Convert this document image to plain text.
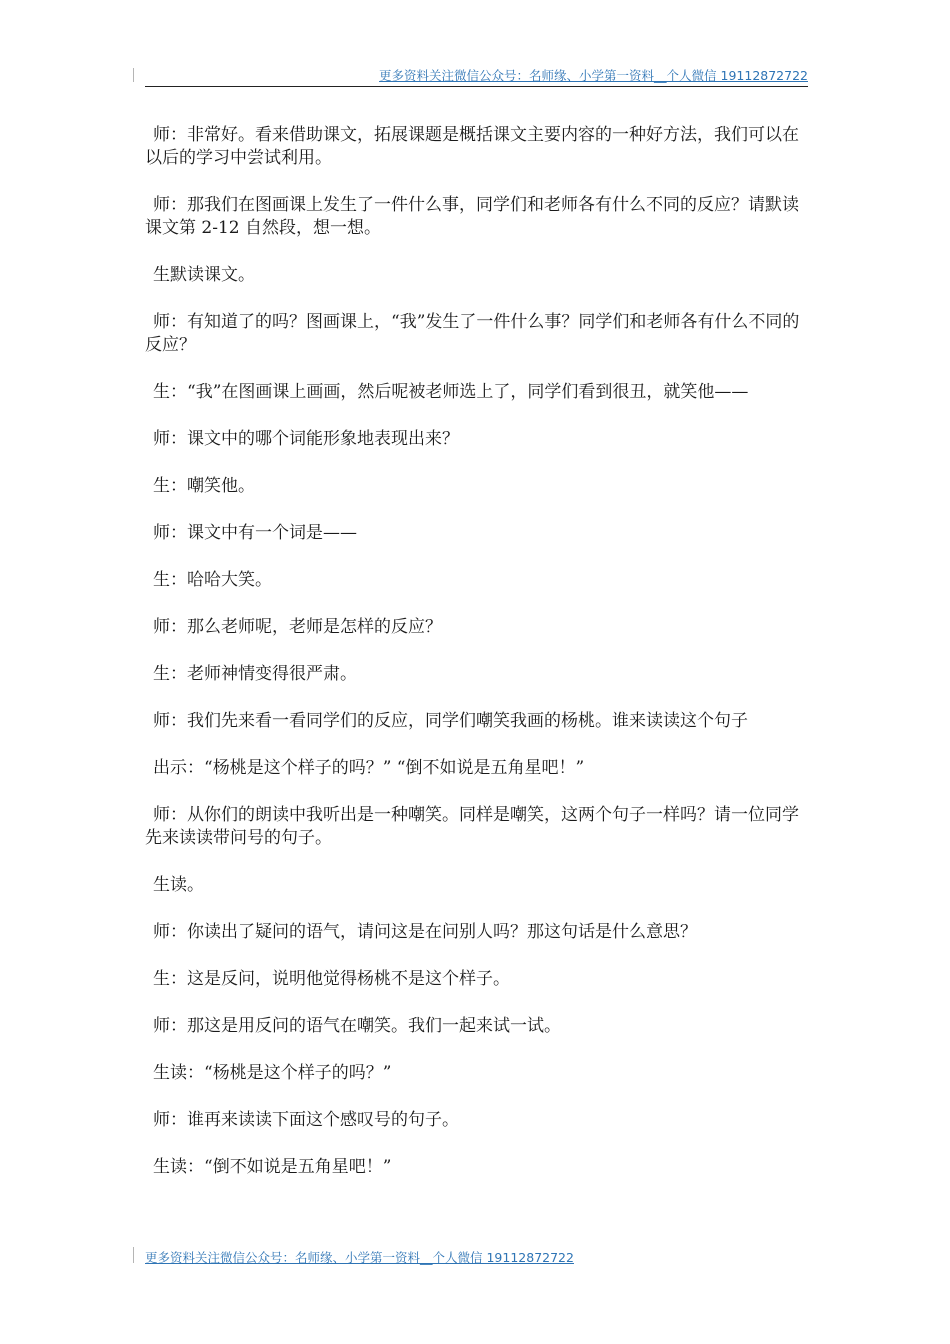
更多资料关注微信公众号：名师缘、小学第一资料__个人微信 19112872722

师：非常好。看来借助课文，拓展课题是概括课文主要内容的一种好方法，我们可以在以后的学习中尝试利用。

师：那我们在图画课上发生了一件什么事，同学们和老师各有什么不同的反应？请默读课文第 2-12 自然段，想一想。

生默读课文。

师：有知道了的吗？图画课上，“我”发生了一件什么事？同学们和老师各有什么不同的反应？

生：“我”在图画课上画画，然后呢被老师选上了，同学们看到很丑，就笑他——

师：课文中的哪个词能形象地表现出来？

生：嘲笑他。

师：课文中有一个词是——

生：哈哈大笑。

师：那么老师呢，老师是怎样的反应？

生：老师神情变得很严肃。

师：我们先来看一看同学们的反应，同学们嘲笑我画的杨桃。谁来读读这个句子

出示：“杨桃是这个样子的吗？” “倒不如说是五角星吧！”

师：从你们的朗读中我听出是一种嘲笑。同样是嘲笑，这两个句子一样吗？请一位同学先来读读带问号的句子。

生读。

师：你读出了疑问的语气，请问这是在问别人吗？那这句话是什么意思？

生：这是反问，说明他觉得杨桃不是这个样子。

师：那这是用反问的语气在嘲笑。我们一起来试一试。

生读：“杨桃是这个样子的吗？”

师：谁再来读读下面这个感叹号的句子。

生读：“倒不如说是五角星吧！”

更多资料关注微信公众号：名师缘、小学第一资料__个人微信 19112872722
